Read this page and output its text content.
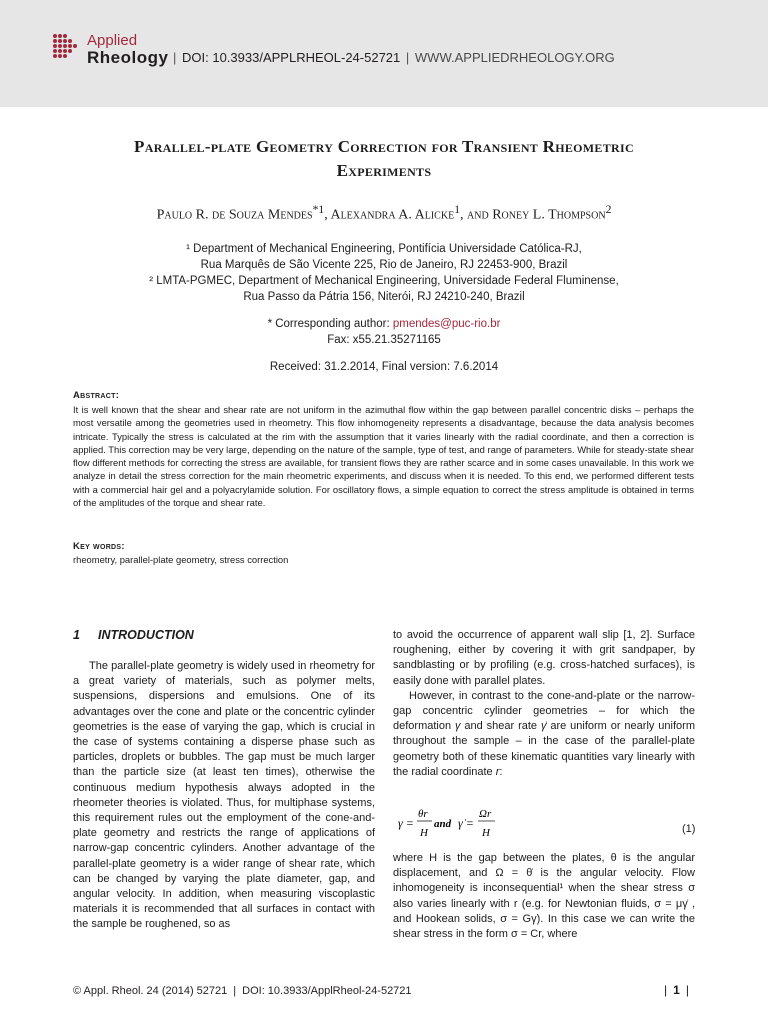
Applied
Rheology | DOI: 10.3933/APPLRHEOL-24-52721 | WWW.APPLIEDRHEOLOGY.ORG
Parallel-plate Geometry Correction for Transient Rheometric
Experiments
Paulo R. de Souza Mendes$^{*1}$, Alexandra A. Alicke$^1$, and Roney L. Thompson$^2$
¹ Department of Mechanical Engineering, Pontifícia Universidade Católica-RJ,
Rua Marquês de São Vicente 225, Rio de Janeiro, RJ 22453-900, Brazil
² LMTA-PGMEC, Department of Mechanical Engineering, Universidade Federal Fluminense,
Rua Passo da Pátria 156, Niterói, RJ 24210-240, Brazil
* Corresponding author: pmendes@puc-rio.br
Fax: x55.21.35271165
Received: 31.2.2014, Final version: 7.6.2014
Abstract:
It is well known that the shear and shear rate are not uniform in the azimuthal flow within the gap between parallel concentric disks – perhaps the most versatile among the geometries used in rheometry. This flow inhomogeneity represents a disadvantage, because the data analysis becomes intricate. Typically the stress is calculated at the rim with the assumption that it varies linearly with the radial coordinate, and then a correction is applied. This correction may be very large, depending on the nature of the sample, type of test, and range of parameters. While for steady-state shear flow different methods for correcting the stress are available, for transient flows they are rather scarce and in some cases unavailable. In this work we analyze in detail the stress correction for the main rheometric experiments, and discuss when it is needed. To this end, we performed different tests with a commercial hair gel and a polyacrylamide solution. For oscillatory flows, a simple equation to correct the stress amplitude is obtained in terms of the amplitudes of the torque and shear rate.
Key words:
rheometry, parallel-plate geometry, stress correction
1 INTRODUCTION

The parallel-plate geometry is widely used in rheometry for a great variety of materials, such as polymer melts, suspensions, dispersions and emulsions. One of its advantages over the cone and plate or the concentric cylinder geometries is the ease of varying the gap, which is crucial in the case of systems containing a disperse phase such as particles, droplets or bubbles. The gap must be much larger than the particle size (at least ten times), otherwise the continuous medium hypothesis always adopted in the rheometer theories is violated. Thus, for multiphase systems, this requirement rules out the employment of the cone-and-plate geometry and restricts the range of applications of narrow-gap concentric cylinders. Another advantage of the parallel-plate geometry is a wider range of shear rate, which can be changed by varying the plate diameter, gap, and angular velocity. In addition, when measuring viscoplastic materials it is recommended that all surfaces in contact with the sample be roughened, so as

to avoid the occurrence of apparent wall slip [1, 2]. Surface roughening, either by covering it with grit sandpaper, by sandblasting or by profiling (e.g. cross-hatched surfaces), is easily done with parallel plates.

However, in contrast to the cone-and-plate or the narrow-gap concentric cylinder geometries – for which the deformation γ and shear rate γ̇ are uniform or nearly uniform throughout the sample – in the case of the parallel-plate geometry both of these kinematic quantities vary linearly with the radial coordinate r:

γ =
θr
H
and γ̇ =
Ωr
H	(1)

where H is the gap between the plates, θ is the angular displacement, and Ω = θ̇ is the angular velocity. Flow inhomogeneity is inconsequential¹ when the shear stress σ also varies linearly with r (e.g. for Newtonian fluids, σ = μγ̇ , and Hookean solids, σ = Gγ). In this case we can write the shear stress in the form σ = Cr, where

© Appl. Rheol. 24 (2014) 52721 | DOI: 10.3933/ApplRheol-24-52721	| 1 |
